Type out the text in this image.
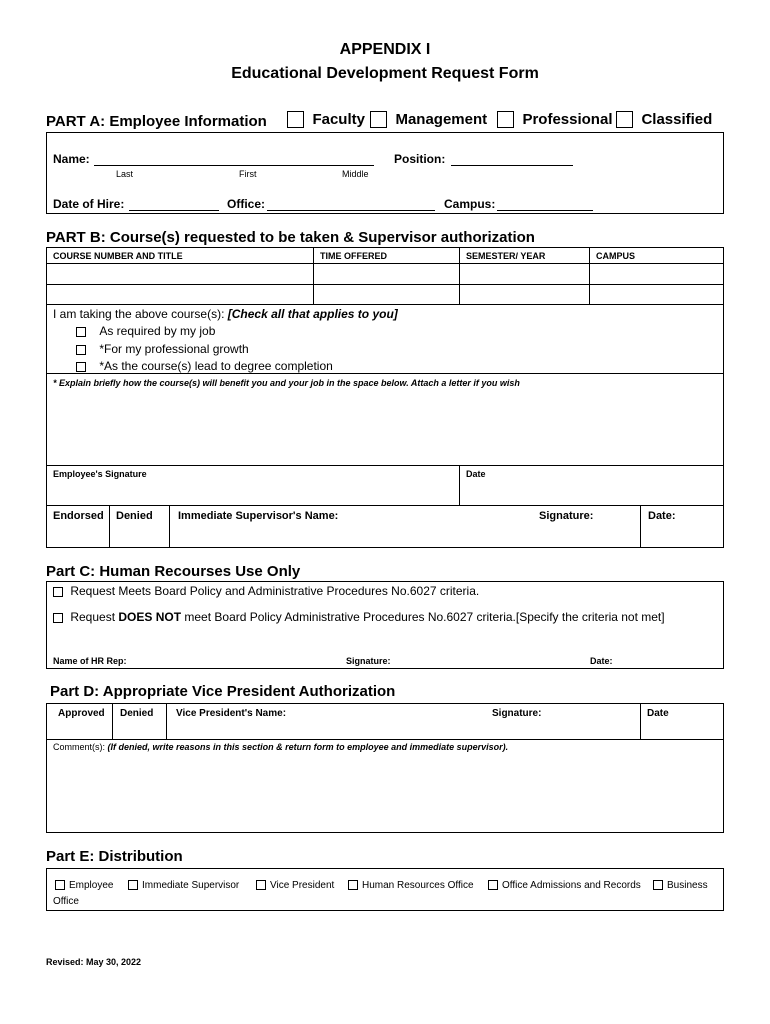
APPENDIX I
Educational Development Request Form
PART A: Employee Information	Faculty	Management	Professional	Classified
Name:
Last	First	Middle
Position:
Date of Hire:	Office:	Campus:
PART B: Course(s) requested to be taken & Supervisor authorization
COURSE NUMBER AND TITLE	TIME OFFERED	SEMESTER/ YEAR	CAMPUS
I am taking the above course(s): [Check all that applies to you]
As required by my job
*For my professional growth
*As the course(s) lead to degree completion
* Explain briefly how the course(s) will benefit you and your job in the space below. Attach a letter if you wish
Employee's Signature	Date
Endorsed Denied Immediate Supervisor's Name:	Signature:	Date:
Part C: Human Recourses Use Only
Request Meets Board Policy and Administrative Procedures No.6027 criteria.
Request DOES NOT meet Board Policy Administrative Procedures No.6027 criteria.[Specify the criteria not met]
Name of HR Rep:	Signature:	Date:
Part D: Appropriate Vice President Authorization
Approved Denied Vice President's Name:	Signature:	Date
Comment(s): (If denied, write reasons in this section & return form to employee and immediate supervisor).
Part E: Distribution
Employee	Immediate Supervisor	Vice President	Human Resources Office	Office Admissions and Records	Business
Office
Revised: May 30, 2022
